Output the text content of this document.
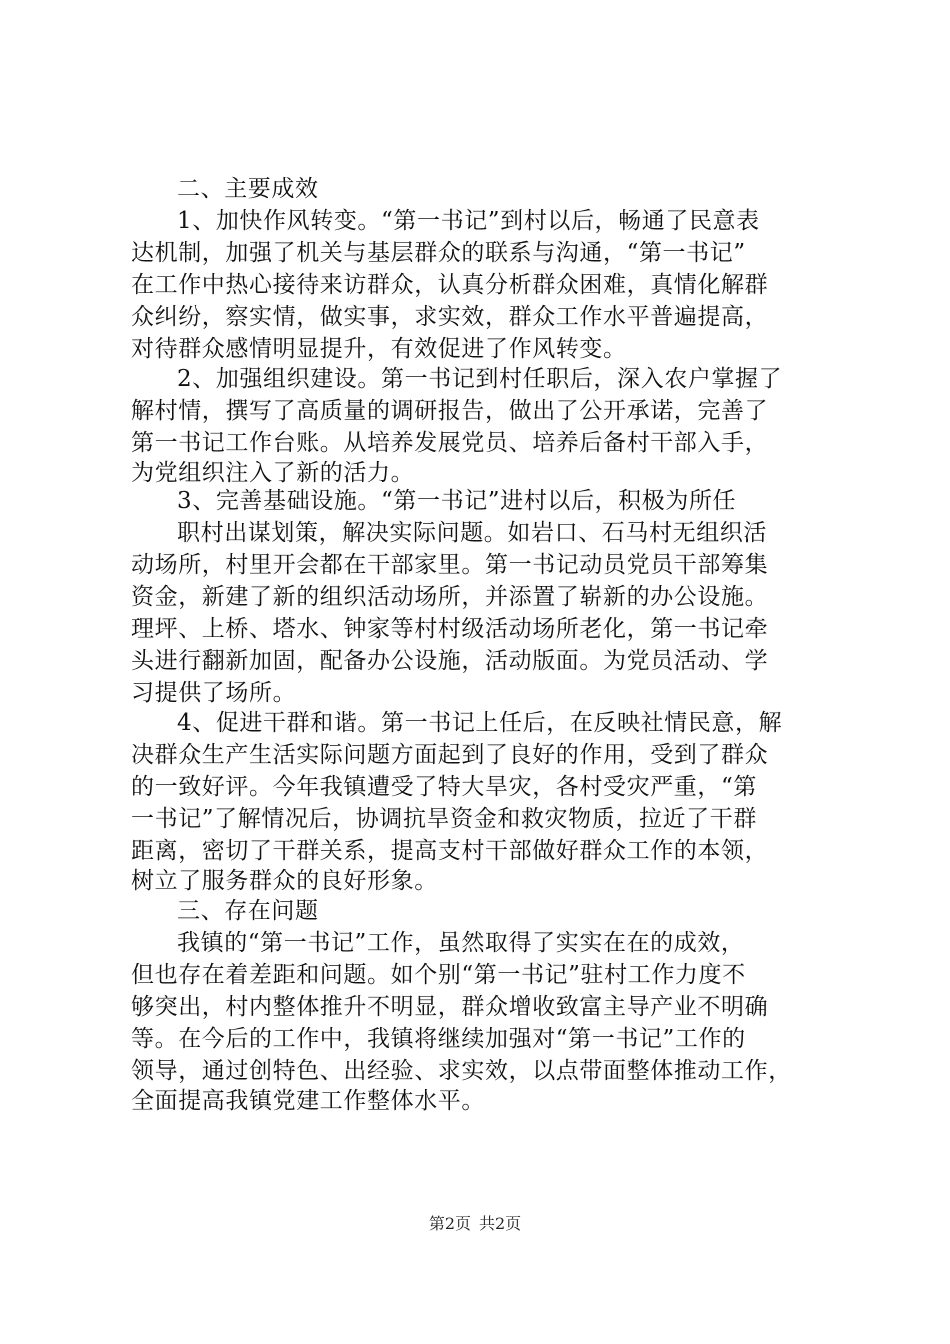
二、主要成效
1、加快作风转变。“第一书记”到村以后，畅通了民意表
达机制，加强了机关与基层群众的联系与沟通，“第一书记”
在工作中热心接待来访群众，认真分析群众困难，真情化解群
众纠纷，察实情，做实事，求实效，群众工作水平普遍提高，
对待群众感情明显提升，有效促进了作风转变。
2、加强组织建设。第一书记到村任职后，深入农户掌握了
解村情，撰写了高质量的调研报告，做出了公开承诺，完善了
第一书记工作台账。从培养发展党员、培养后备村干部入手，
为党组织注入了新的活力。
3、完善基础设施。“第一书记”进村以后，积极为所任
职村出谋划策，解决实际问题。如岩口、石马村无组织活
动场所，村里开会都在干部家里。第一书记动员党员干部筹集
资金，新建了新的组织活动场所，并添置了崭新的办公设施。
理坪、上桥、塔水、钟家等村村级活动场所老化，第一书记牵
头进行翻新加固，配备办公设施，活动版面。为党员活动、学
习提供了场所。
4、促进干群和谐。第一书记上任后，在反映社情民意，解
决群众生产生活实际问题方面起到了良好的作用，受到了群众
的一致好评。今年我镇遭受了特大旱灾，各村受灾严重，“第
一书记”了解情况后，协调抗旱资金和救灾物质，拉近了干群
距离，密切了干群关系，提高支村干部做好群众工作的本领，
树立了服务群众的良好形象。
三、存在问题
我镇的“第一书记”工作，虽然取得了实实在在的成效，
但也存在着差距和问题。如个别“第一书记”驻村工作力度不
够突出，村内整体推升不明显，群众增收致富主导产业不明确
等。在今后的工作中，我镇将继续加强对“第一书记”工作的
领导，通过创特色、出经验、求实效，以点带面整体推动工作，
全面提高我镇党建工作整体水平。
第2页 共2页
